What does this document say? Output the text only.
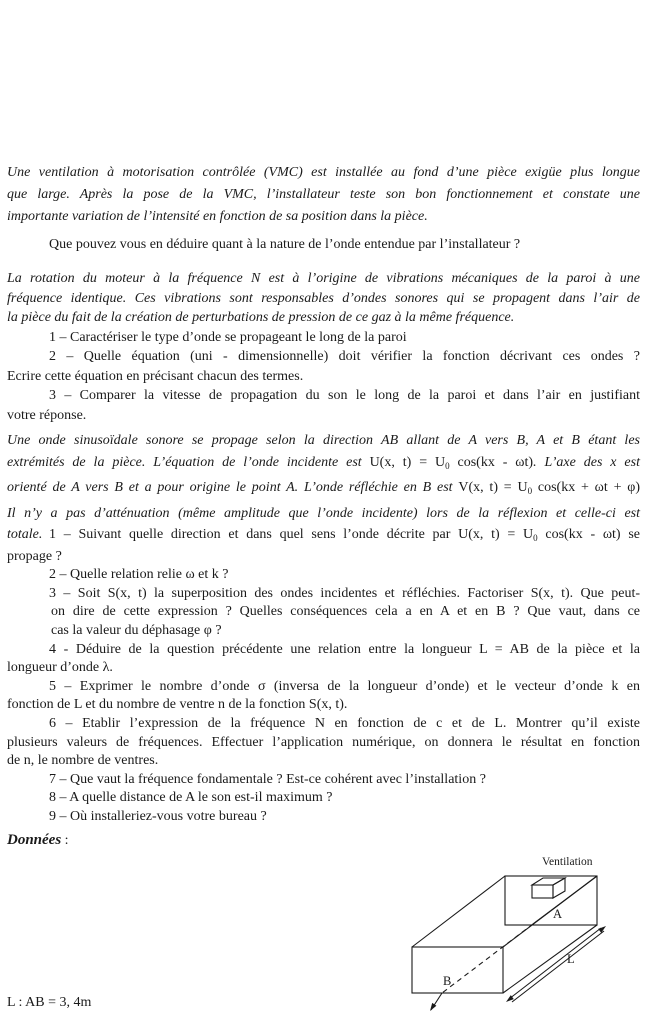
Une ventilation à motorisation contrôlée (VMC) est installée au fond d’une pièce exigüe plus longue
que large. Après la pose de la VMC, l’installateur teste son bon fonctionnement et constate une
importante variation de l’intensité en fonction de sa position dans la pièce.
Que pouvez vous en déduire quant à la nature de l’onde entendue par l’installateur ?
La rotation du moteur à la fréquence N est à l’origine de vibrations mécaniques de la paroi à une
fréquence identique. Ces vibrations sont responsables d’ondes sonores qui se propagent dans l’air de
la pièce du fait de la création de perturbations de pression de ce gaz à la même fréquence.
1 – Caractériser le type d’onde se propageant le long de la paroi
2 – Quelle équation (uni - dimensionnelle) doit vérifier la fonction décrivant ces ondes ?
Ecrire cette équation en précisant chacun des termes.
3 – Comparer la vitesse de propagation du son le long de la paroi et dans l’air en justifiant
votre réponse.
Une onde sinusoïdale sonore se propage selon la direction AB allant de A vers B, A et B étant les
extrémités de la pièce. L’équation de l’onde incidente est U(x, $t) = U_0$ cos(kx - ωt). L’axe des x est
orienté de A vers B et a pour origine le point A. L’onde réfléchie en B est V(x, $t) = U_0$ cos(kx + ωt + φ)
Il n’y a pas d’atténuation (même amplitude que l’onde incidente) lors de la réflexion et celle-ci est
totale. 1 – Suivant quelle direction et dans quel sens l’onde décrite par U(x, $t) = U_0$ cos(kx - ωt) se
propage ?
2 – Quelle relation relie ω et k ?
3 – Soit S(x, t) la superposition des ondes incidentes et réfléchies. Factoriser S(x, t). Que peut-
on dire de cette expression ? Quelles conséquences cela a en A et en B ? Que vaut, dans ce
cas la valeur du déphasage φ ?
4 - Déduire de la question précédente une relation entre la longueur L = AB de la pièce et la
longueur d’onde λ.
5 – Exprimer le nombre d’onde σ (inversa de la longueur d’onde) et le vecteur d’onde k en
fonction de L et du nombre de ventre n de la fonction S(x, t).
6 – Etablir l’expression de la fréquence N en fonction de c et de L. Montrer qu’il existe
plusieurs valeurs de fréquences. Effectuer l’application numérique, on donnera le résultat en fonction
de n, le nombre de ventres.
7 – Que vaut la fréquence fondamentale ? Est-ce cohérent avec l’installation ?
8 – A quelle distance de A le son est-il maximum ?
9 – Où installeriez-vous votre bureau ?
Données :
L : AB = 3, 4m
Ventilation
A
B
L
